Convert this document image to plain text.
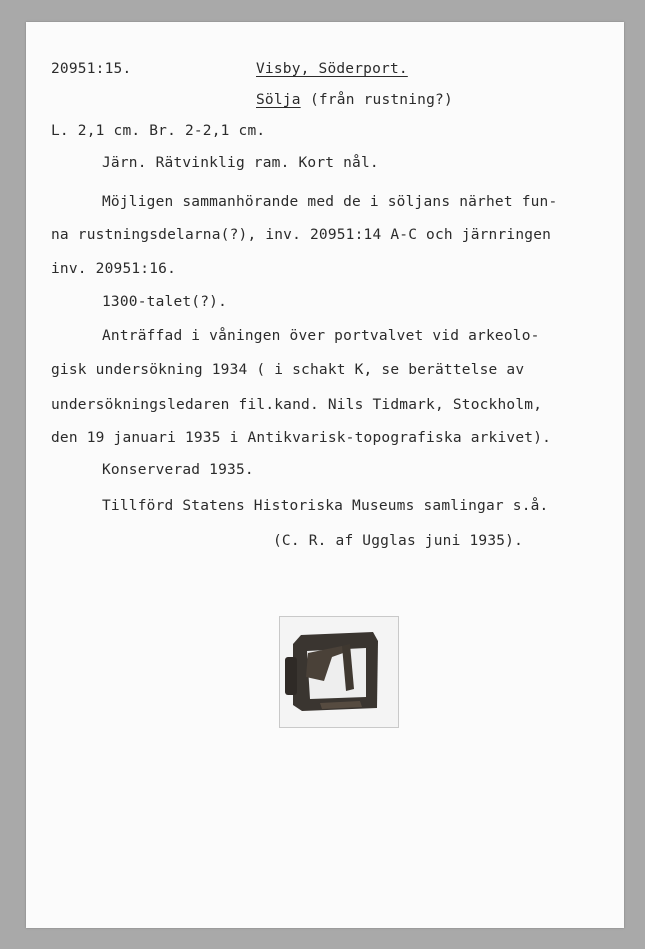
20951:15.	Visby, Söderport.
Sölja (från rustning?)
L. 2,1 cm. Br. 2-2,1 cm.
Järn. Rätvinklig ram. Kort nål.
Möjligen sammanhörande med de i söljans närhet fun-
na rustningsdelarna(?), inv. 20951:14 A-C och järnringen
inv. 20951:16.
1300-talet(?).
Anträffad i våningen över portvalvet vid arkeolo-
gisk undersökning 1934 ( i schakt K, se berättelse av
undersökningsledaren fil.kand. Nils Tidmark, Stockholm,
den 19 januari 1935 i Antikvarisk-topografiska arkivet).
Konserverad 1935.
Tillförd Statens Historiska Museums samlingar s.å.
(C. R. af Ugglas juni 1935).
